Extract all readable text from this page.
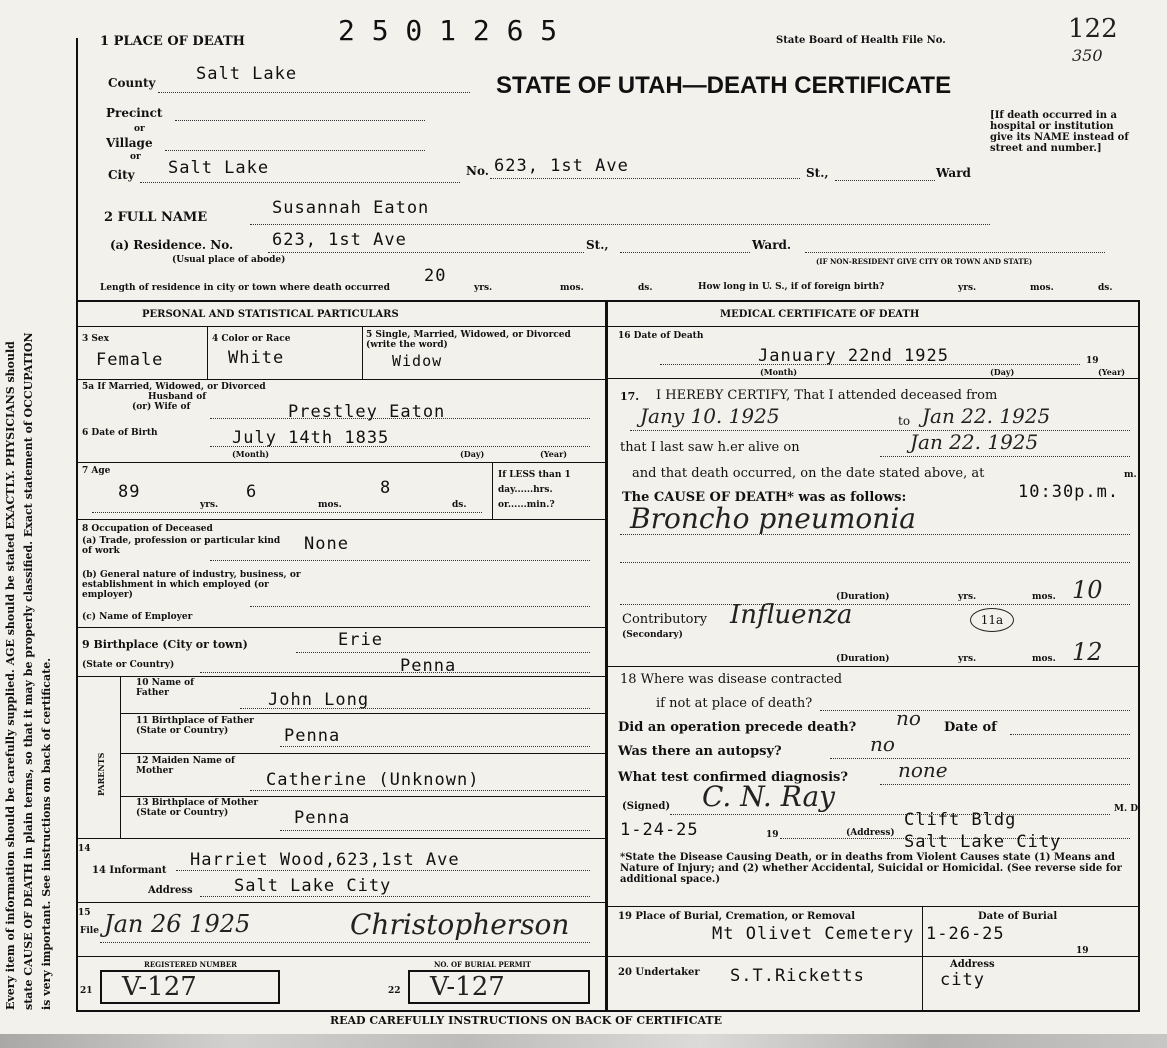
Every item of information should be carefully supplied. AGE should be stated EXACTLY. PHYSICIANS should state CAUSE OF DEATH in plain terms, so that it may be properly classified. Exact statement of OCCUPATION is very important. See instructions on back of certificate.
1 PLACE OF DEATH	2 5 0 1 2 6 5	State Board of Health File No.	122
350
STATE OF UTAH—DEATH CERTIFICATE
[If death occurred in a hospital or institution give its NAME instead of street and number.]
County Salt Lake
Precinct
or
Village
or
City Salt Lake	No. 623, 1st Ave	St.,	Ward
2 FULL NAME	Susannah Eaton
(a) Residence. No. 623, 1st Ave	St.,	Ward.
(Usual place of abode)	(IF NON-RESIDENT GIVE CITY OR TOWN AND STATE)
Length of residence in city or town where death occurred
20
yrs.	mos.	ds.	How long in U. S., if of foreign birth?	yrs.	mos.	ds.
PERSONAL AND STATISTICAL PARTICULARS
3 Sex
Female
4 Color or Race
White
5 Single, Married, Widowed, or Divorced (write the word)
Widow
5a If Married, Widowed, or Divorced
Husband of
(or) Wife of	Prestley Eaton
6 Date of Birth	July 14th 1835
(Month)	(Day)	(Year)
7 Age
89
yrs.
6
mos.
8
ds.
If LESS than 1 day......hrs. or......min.?
8 Occupation of Deceased
(a) Trade, profession or particular kind of work	None
(b) General nature of industry, business, or establishment in which employed (or employer)
(c) Name of Employer
9 Birthplace (City or town)	Erie
(State or Country)	Penna
PARENTS
10 Name of Father	John Long
11 Birthplace of Father (State or Country)	Penna
12 Maiden Name of Mother	Catherine (Unknown)
13 Birthplace of Mother (State or Country)	Penna
14
14 Informant
Harriet Wood,623,1st Ave
Address Salt Lake City
15
File Jan 26 1925	Christopherson
REGISTERED NUMBER	NO. OF BURIAL PERMIT
21 V-127	22 V-127
MEDICAL CERTIFICATE OF DEATH
16 Date of Death
January 22nd 1925
(Month)	(Day)	(Year)
19
17. I HEREBY CERTIFY, That I attended deceased from
Jany 10. 1925	to Jan 22. 1925
that I last saw h.er alive on	Jan 22. 1925
and that death occurred, on the date stated above, at	m.
The CAUSE OF DEATH* was as follows:	10:30p.m.
Broncho pneumonia
(Duration)	yrs.	mos. 10
Contributory
(Secondary)
Influenza	11a
(Duration)	yrs.	mos. 12
18 Where was disease contracted
if not at place of death?
Did an operation precede death? no Date of
Was there an autopsy?	no
What test confirmed diagnosis?	none
(Signed) C. N. Ray	M. D.
1-24-25	19	(Address)
Clift Bldg
Salt Lake City
*State the Disease Causing Death, or in deaths from Violent Causes state (1) Means and Nature of Injury; and (2) whether Accidental, Suicidal or Homicidal. (See reverse side for additional space.)
19 Place of Burial, Cremation, or Removal
Mt Olivet Cemetery
Date of Burial
1-26-25
19
20 Undertaker S.T.Ricketts
Address
city
READ CAREFULLY INSTRUCTIONS ON BACK OF CERTIFICATE
